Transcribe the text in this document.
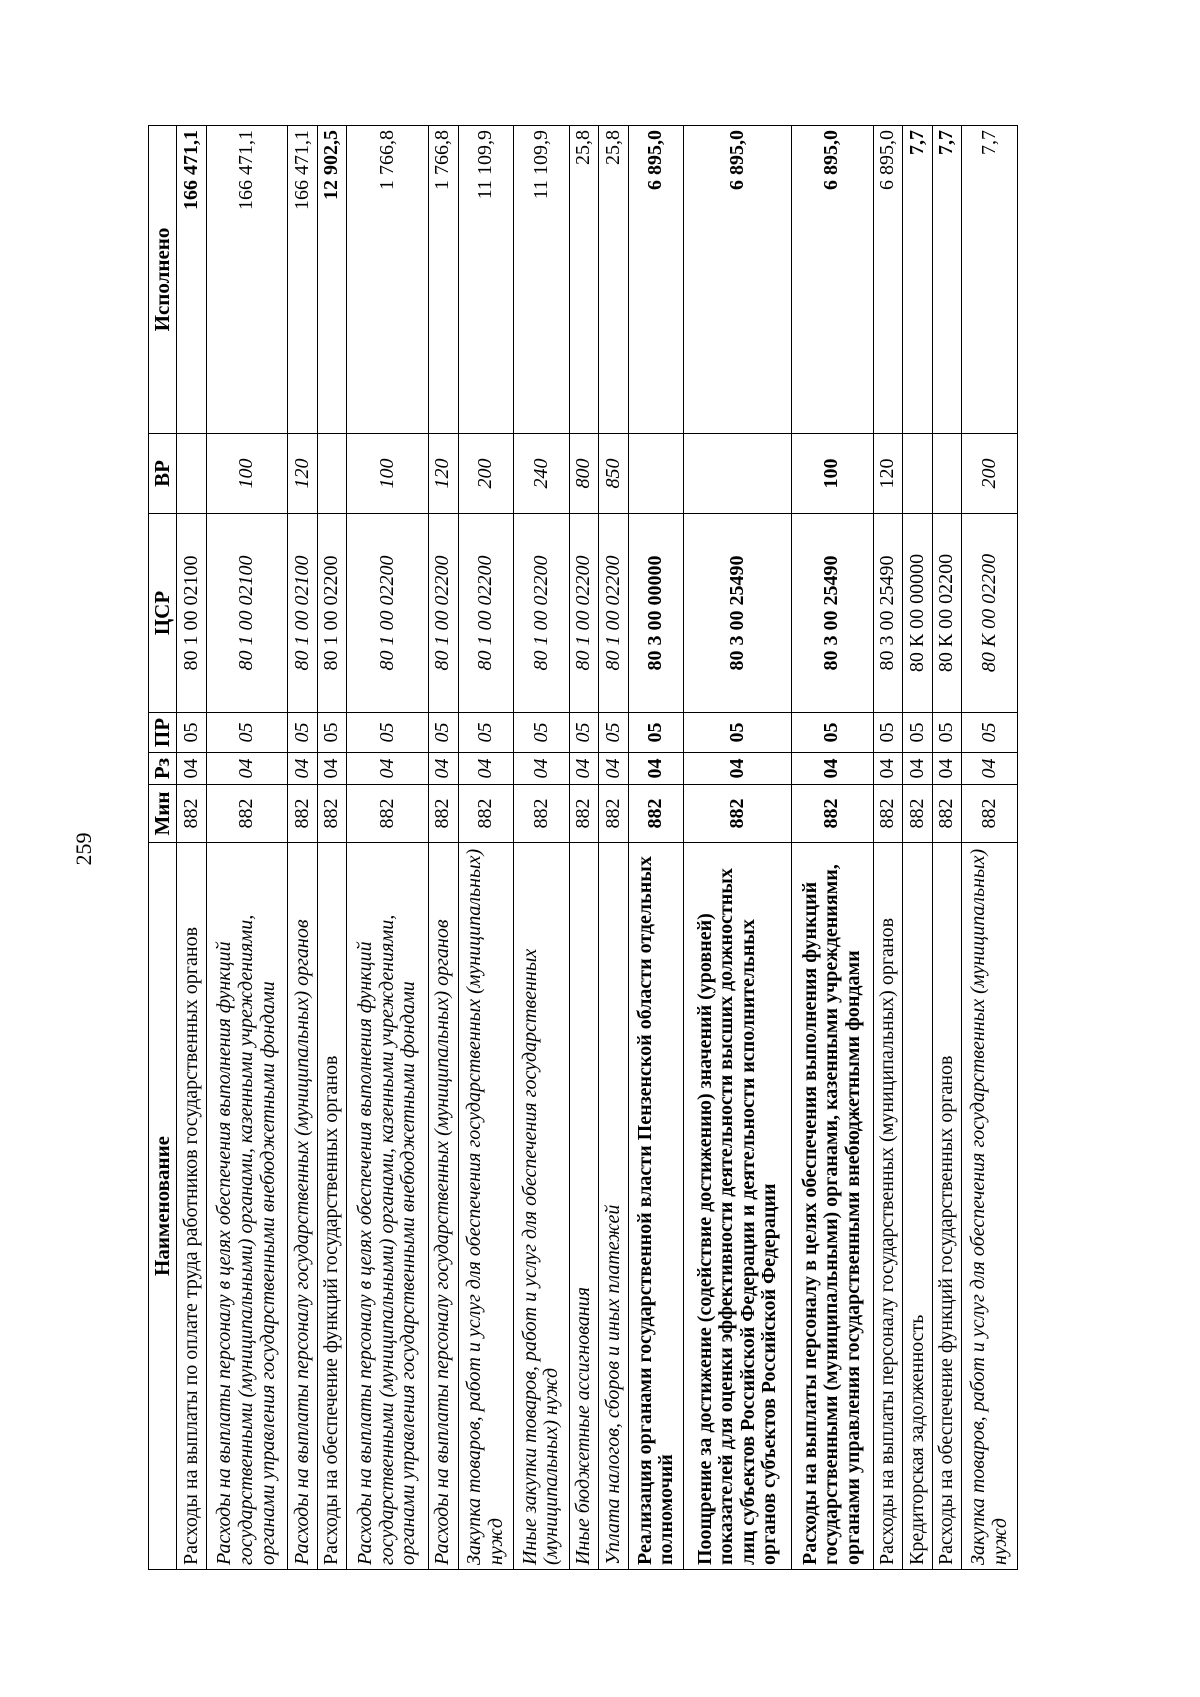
259
Наименование	Мин	Рз	ПР	ЦСР	ВР	Исполнено
Расходы на выплаты по оплате труда работников государственных органов	882	04	05	80 1 00 02100		166 471,1
Расходы на выплаты персоналу в целях обеспечения выполнения функций государственными (муниципальными) органами, казенными учреждениями, органами управления государственными внебюджетными фондами	882	04	05	80 1 00 02100	100	166 471,1
Расходы на выплаты персоналу государственных (муниципальных) органов	882	04	05	80 1 00 02100	120	166 471,1
Расходы на обеспечение функций государственных органов	882	04	05	80 1 00 02200		12 902,5
Расходы на выплаты персоналу в целях обеспечения выполнения функций государственными (муниципальными) органами, казенными учреждениями, органами управления государственными внебюджетными фондами	882	04	05	80 1 00 02200	100	1 766,8
Расходы на выплаты персоналу государственных (муниципальных) органов	882	04	05	80 1 00 02200	120	1 766,8
Закупка товаров, работ и услуг для обеспечения государственных (муниципальных) нужд	882	04	05	80 1 00 02200	200	11 109,9
Иные закупки товаров, работ и услуг для обеспечения государственных (муниципальных) нужд	882	04	05	80 1 00 02200	240	11 109,9
Иные бюджетные ассигнования	882	04	05	80 1 00 02200	800	25,8
Уплата налогов, сборов и иных платежей	882	04	05	80 1 00 02200	850	25,8
Реализация органами государственной власти Пензенской области отдельных полномочий	882	04	05	80 3 00 00000		6 895,0
Поощрение за достижение (содействие достижению) значений (уровней) показателей для оценки эффективности деятельности высших должностных лиц субъектов Российской Федерации и деятельности исполнительных органов субъектов Российской Федерации	882	04	05	80 3 00 25490		6 895,0
Расходы на выплаты персоналу в целях обеспечения выполнения функций государственными (муниципальными) органами, казенными учреждениями, органами управления государственными внебюджетными фондами	882	04	05	80 3 00 25490	100	6 895,0
Расходы на выплаты персоналу государственных (муниципальных) органов	882	04	05	80 3 00 25490	120	6 895,0
Кредиторская задолженность	882	04	05	80 К 00 00000		7,7
Расходы на обеспечение функций государственных органов	882	04	05	80 К 00 02200		7,7
Закупка товаров, работ и услуг для обеспечения государственных (муниципальных) нужд	882	04	05	80 К 00 02200	200	7,7
